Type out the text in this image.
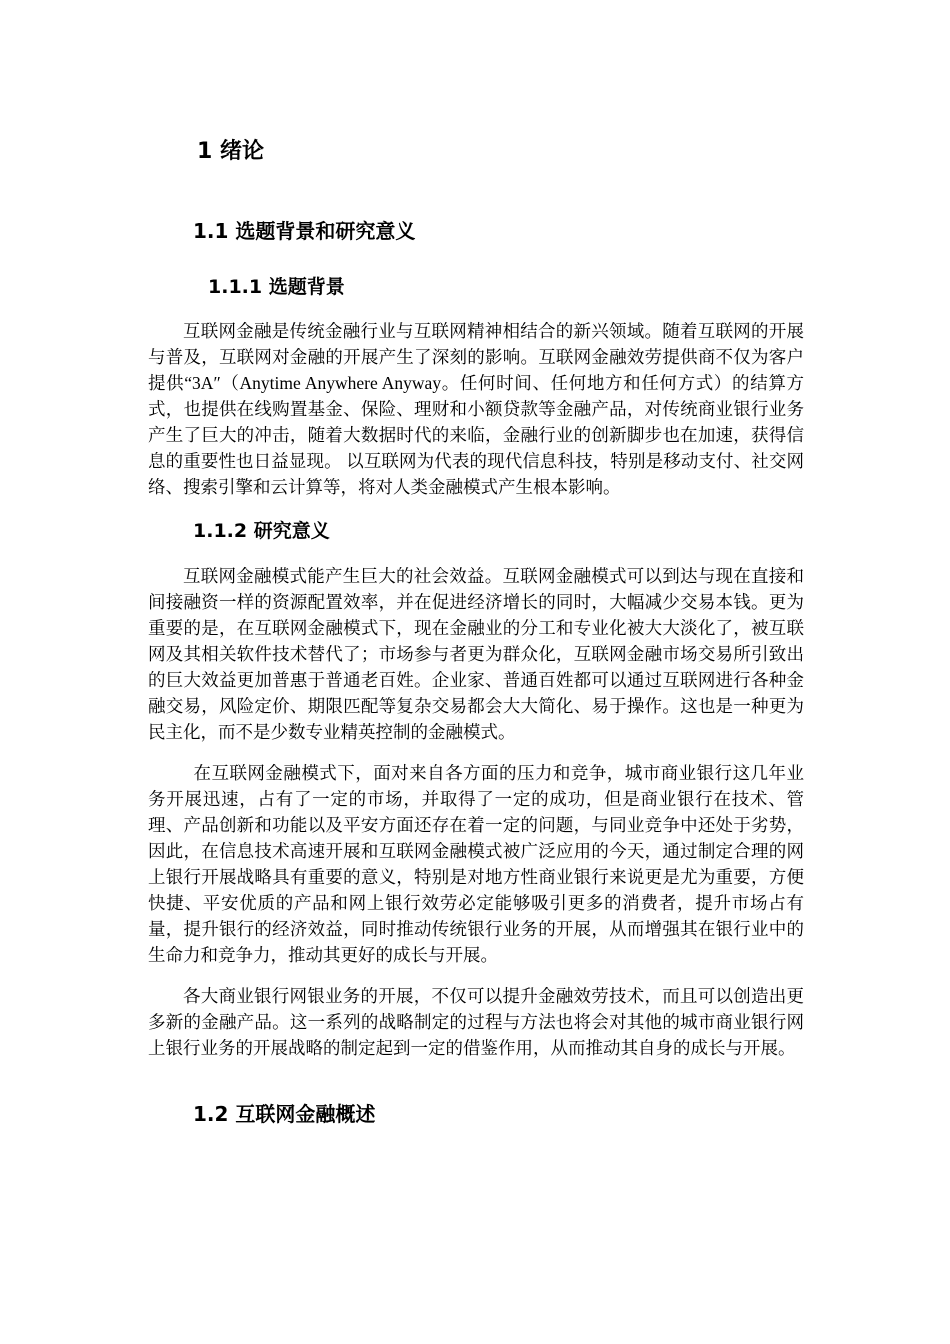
1 绪论
1.1 选题背景和研究意义
1.1.1 选题背景

互联网金融是传统金融行业与互联网精神相结合的新兴领域。随着互联网的开展与普及，互联网对金融的开展产生了深刻的影响。互联网金融效劳提供商不仅为客户提供“3A″（Anytime Anywhere Anyway。任何时间、任何地方和任何方式）的结算方式，也提供在线购置基金、保险、理财和小额贷款等金融产品，对传统商业银行业务产生了巨大的冲击，随着大数据时代的来临，金融行业的创新脚步也在加速，获得信息的重要性也日益显现。 以互联网为代表的现代信息科技，特别是移动支付、社交网络、搜索引擎和云计算等，将对人类金融模式产生根本影响。

1.1.2 研究意义

互联网金融模式能产生巨大的社会效益。互联网金融模式可以到达与现在直接和间接融资一样的资源配置效率，并在促进经济增长的同时，大幅减少交易本钱。更为重要的是，在互联网金融模式下，现在金融业的分工和专业化被大大淡化了，被互联网及其相关软件技术替代了；市场参与者更为群众化，互联网金融市场交易所引致出的巨大效益更加普惠于普通老百姓。企业家、普通百姓都可以通过互联网进行各种金融交易，风险定价、期限匹配等复杂交易都会大大简化、易于操作。这也是一种更为民主化，而不是少数专业精英控制的金融模式。

在互联网金融模式下，面对来自各方面的压力和竞争，城市商业银行这几年业务开展迅速，占有了一定的市场，并取得了一定的成功，但是商业银行在技术、管理、产品创新和功能以及平安方面还存在着一定的问题，与同业竞争中还处于劣势，因此，在信息技术高速开展和互联网金融模式被广泛应用的今天，通过制定合理的网上银行开展战略具有重要的意义，特别是对地方性商业银行来说更是尤为重要，方便快捷、平安优质的产品和网上银行效劳必定能够吸引更多的消费者，提升市场占有量，提升银行的经济效益，同时推动传统银行业务的开展，从而增强其在银行业中的生命力和竞争力，推动其更好的成长与开展。

各大商业银行网银业务的开展，不仅可以提升金融效劳技术，而且可以创造出更多新的金融产品。这一系列的战略制定的过程与方法也将会对其他的城市商业银行网上银行业务的开展战略的制定起到一定的借鉴作用，从而推动其自身的成长与开展。

1.2 互联网金融概述
